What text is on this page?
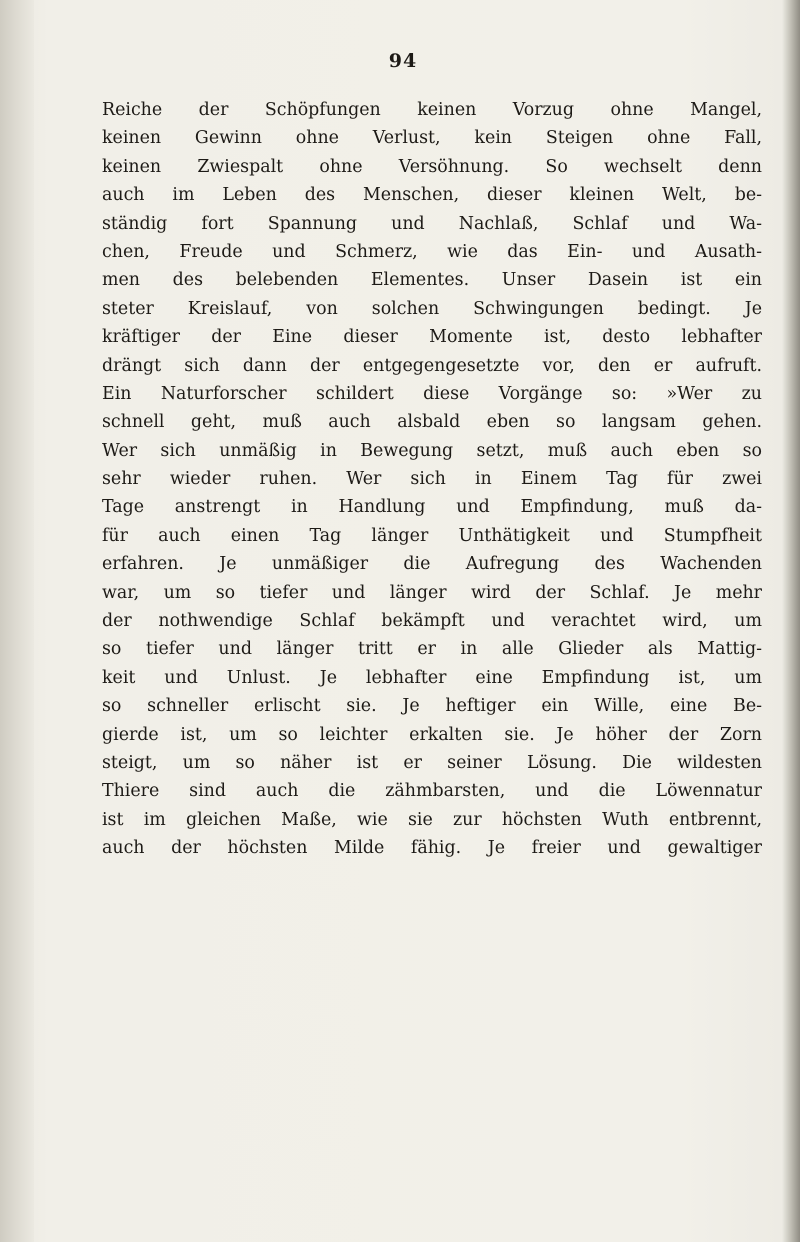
94
Reiche der Schöpfungen keinen Vorzug ohne Mangel,
keinen Gewinn ohne Verlust, kein Steigen ohne Fall,
keinen Zwiespalt ohne Versöhnung. So wechselt denn
auch im Leben des Menschen, dieser kleinen Welt, be-
ständig fort Spannung und Nachlaß, Schlaf und Wa-
chen, Freude und Schmerz, wie das Ein- und Ausath-
men des belebenden Elementes. Unser Dasein ist ein
steter Kreislauf, von solchen Schwingungen bedingt. Je
kräftiger der Eine dieser Momente ist, desto lebhafter
drängt sich dann der entgegengesetzte vor, den er aufruft.
Ein Naturforscher schildert diese Vorgänge so: »Wer zu
schnell geht, muß auch alsbald eben so langsam gehen.
Wer sich unmäßig in Bewegung setzt, muß auch eben so
sehr wieder ruhen. Wer sich in Einem Tag für zwei
Tage anstrengt in Handlung und Empfindung, muß da-
für auch einen Tag länger Unthätigkeit und Stumpfheit
erfahren. Je unmäßiger die Aufregung des Wachenden
war, um so tiefer und länger wird der Schlaf. Je mehr
der nothwendige Schlaf bekämpft und verachtet wird, um
so tiefer und länger tritt er in alle Glieder als Mattig-
keit und Unlust. Je lebhafter eine Empfindung ist, um
so schneller erlischt sie. Je heftiger ein Wille, eine Be-
gierde ist, um so leichter erkalten sie. Je höher der Zorn
steigt, um so näher ist er seiner Lösung. Die wildesten
Thiere sind auch die zähmbarsten, und die Löwennatur
ist im gleichen Maße, wie sie zur höchsten Wuth entbrennt,
auch der höchsten Milde fähig. Je freier und gewaltiger
